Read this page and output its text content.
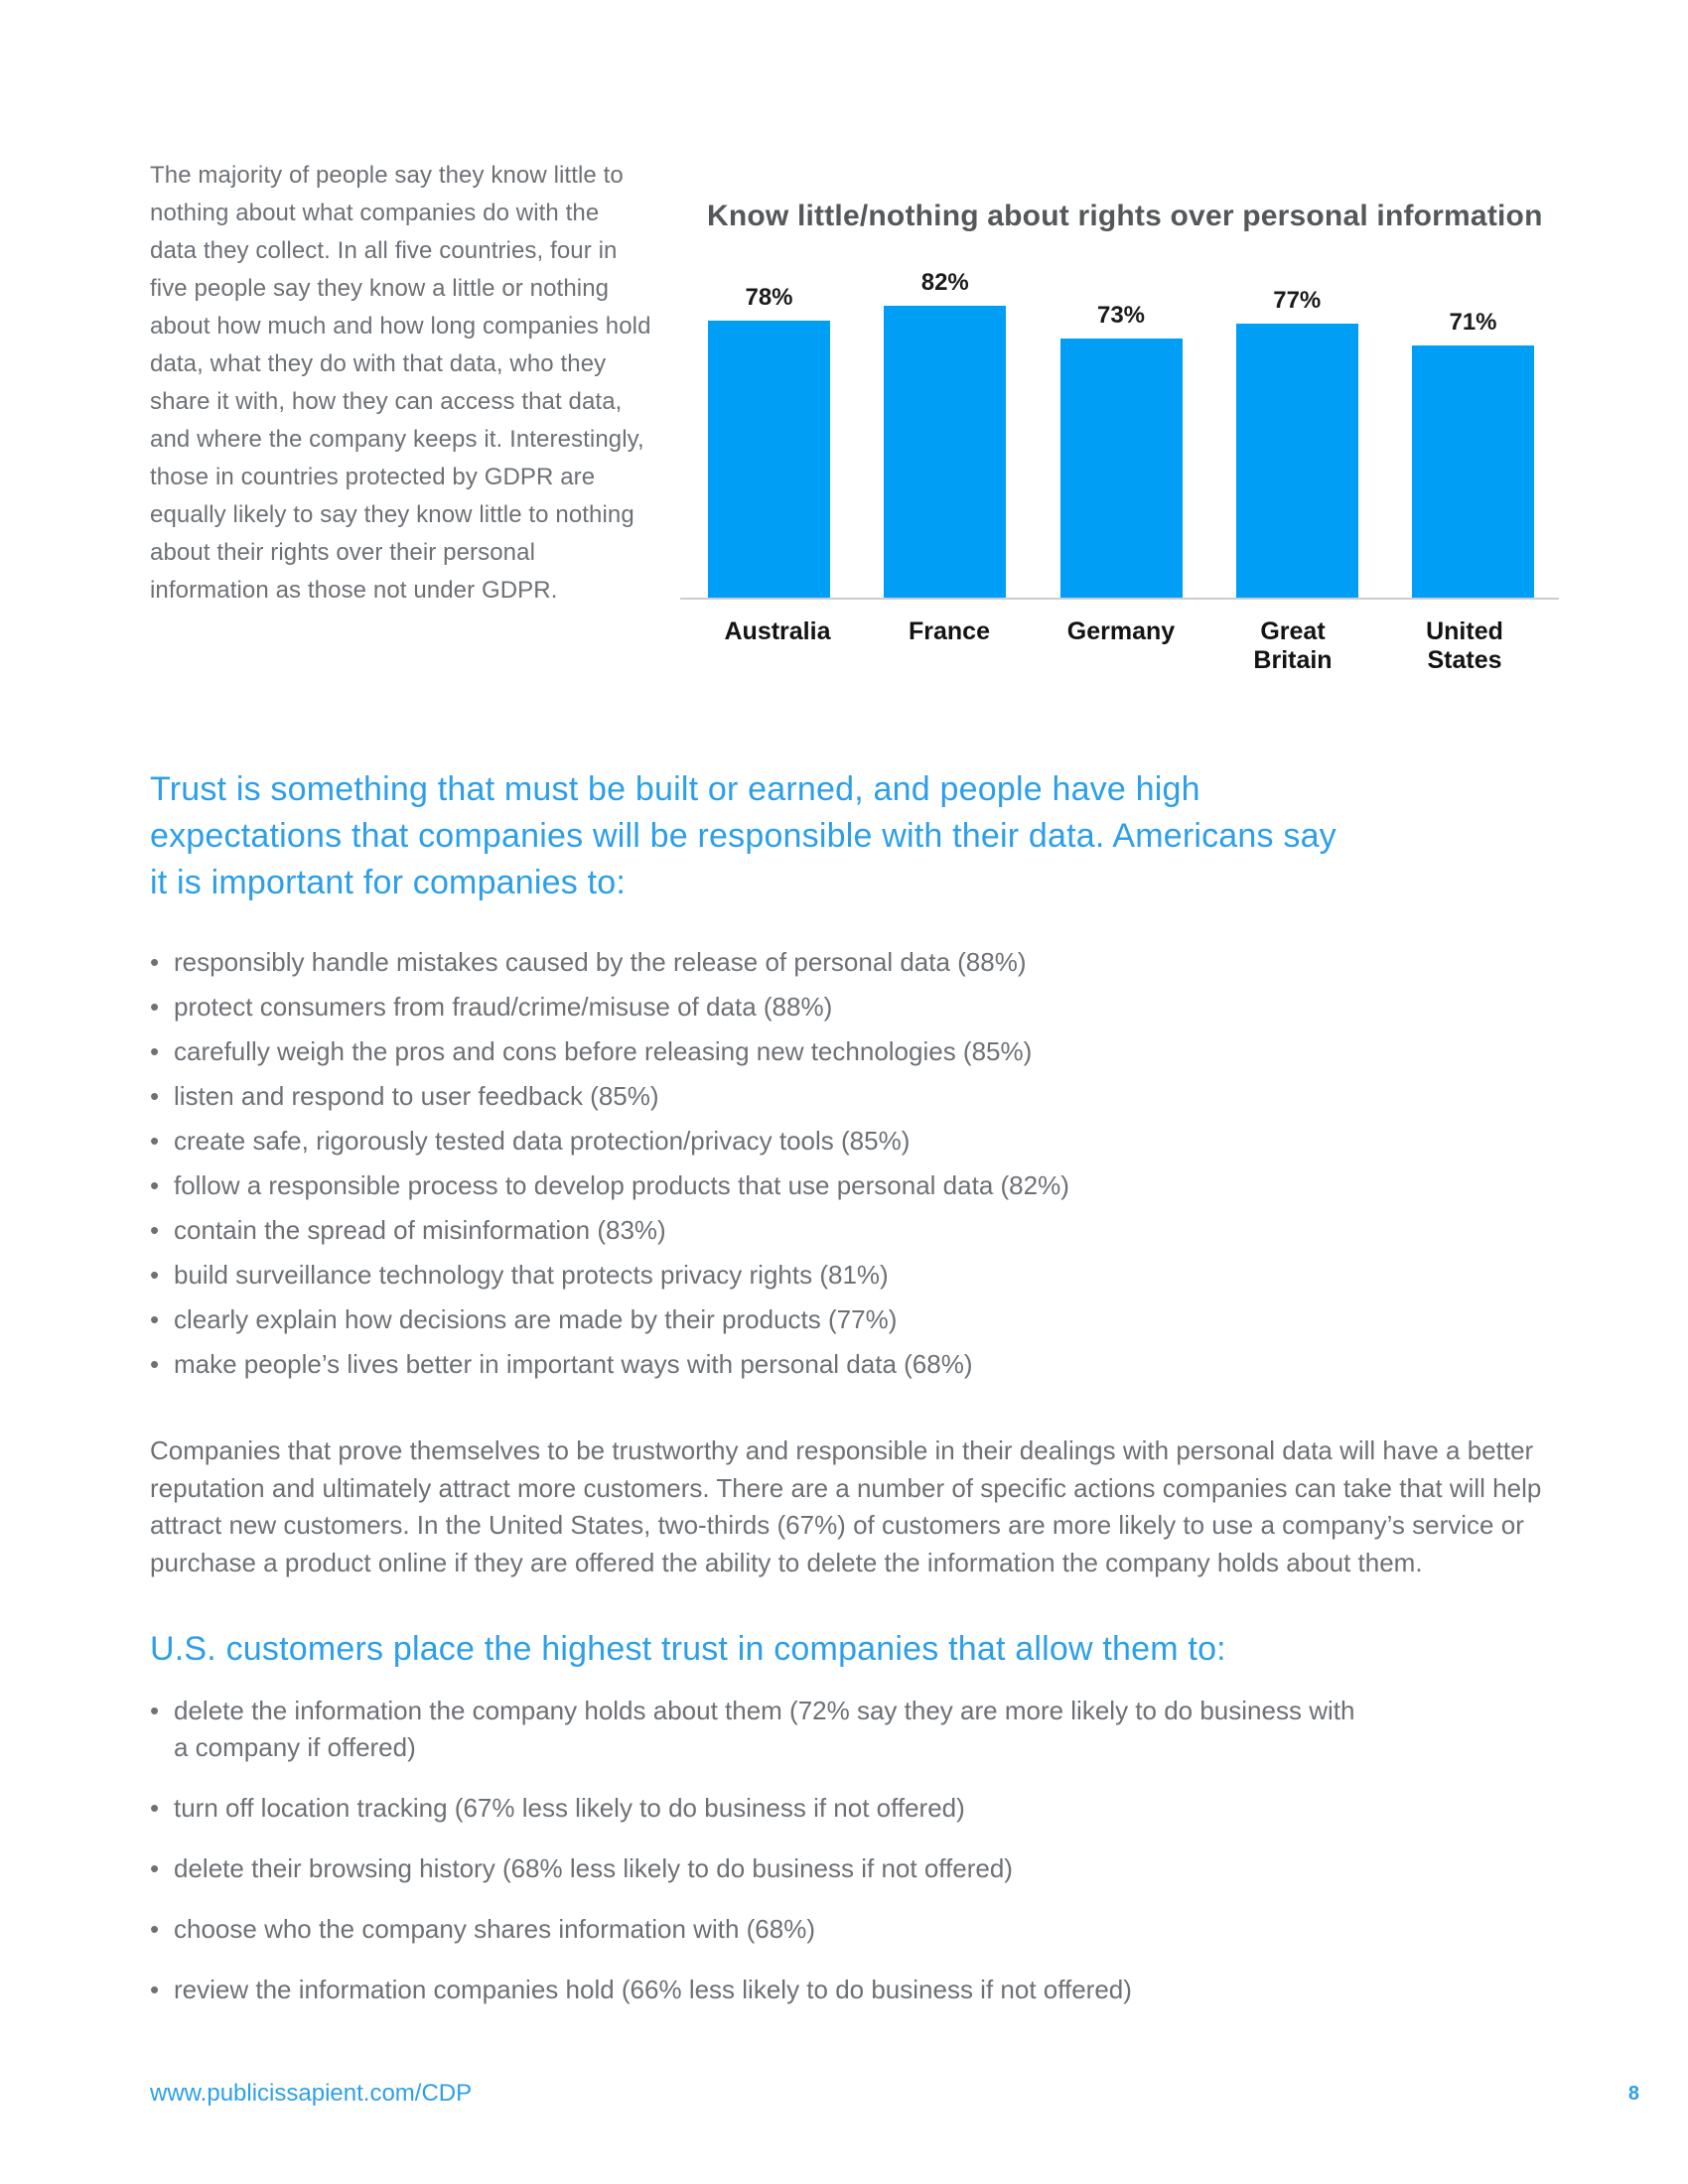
The majority of people say they know little to nothing about what companies do with the data they collect. In all five countries, four in five people say they know a little or nothing about how much and how long companies hold data, what they do with that data, who they share it with, how they can access that data, and where the company keeps it. Interestingly, those in countries protected by GDPR are equally likely to say they know little to nothing about their rights over their personal information as those not under GDPR.

Know little/nothing about rights over personal information
78%
82%
73%
77%
71%
Australia	France	Germany	Great Britain
United States
Trust is something that must be built or earned, and people have high expectations that companies will be responsible with their data. Americans say it is important for companies to:
• responsibly handle mistakes caused by the release of personal data (88%)
• protect consumers from fraud/crime/misuse of data (88%)
• carefully weigh the pros and cons before releasing new technologies (85%)
• listen and respond to user feedback (85%)
• create safe, rigorously tested data protection/privacy tools (85%)
• follow a responsible process to develop products that use personal data (82%)
• contain the spread of misinformation (83%)
• build surveillance technology that protects privacy rights (81%)
• clearly explain how decisions are made by their products (77%)
• make people’s lives better in important ways with personal data (68%)

Companies that prove themselves to be trustworthy and responsible in their dealings with personal data will have a better reputation and ultimately attract more customers. There are a number of specific actions companies can take that will help attract new customers. In the United States, two-thirds (67%) of customers are more likely to use a company’s service or purchase a product online if they are offered the ability to delete the information the company holds about them.

U.S. customers place the highest trust in companies that allow them to:
• delete the information the company holds about them (72% say they are more likely to do business with a company if offered)
• turn off location tracking (67% less likely to do business if not offered)
• delete their browsing history (68% less likely to do business if not offered)
• choose who the company shares information with (68%)
• review the information companies hold (66% less likely to do business if not offered)
www.publicissapient.com/CDP	8
